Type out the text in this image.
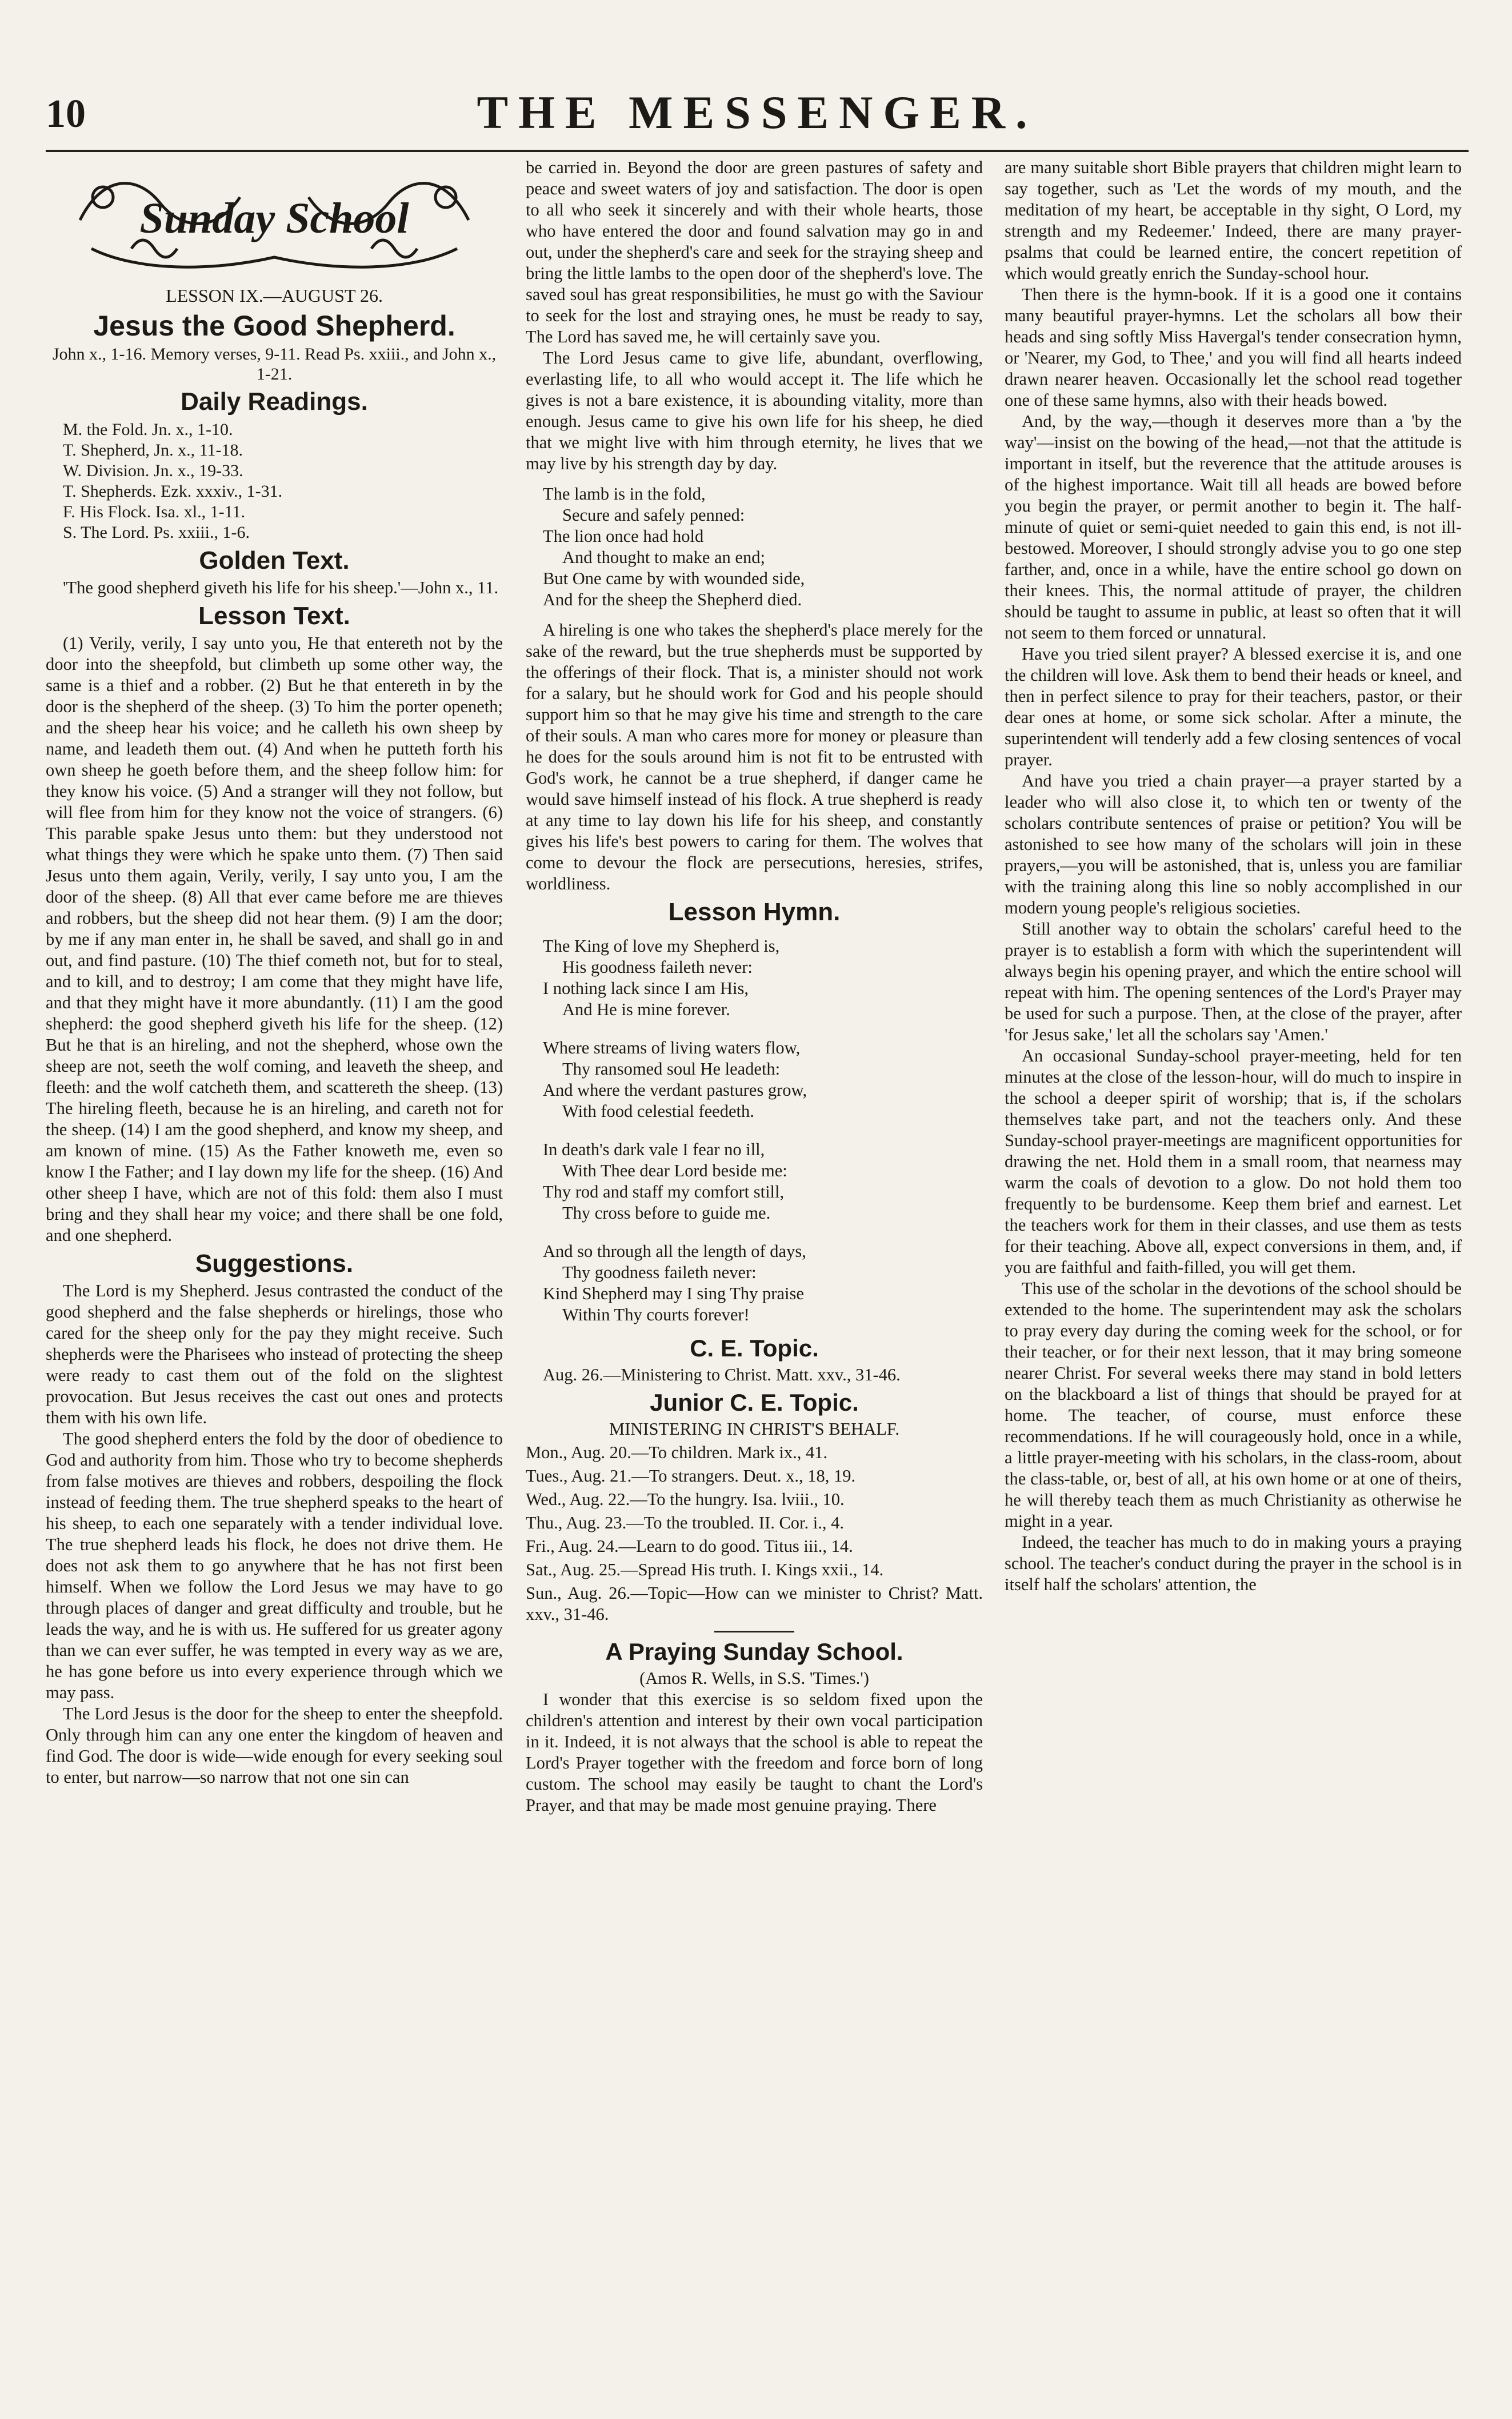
10	THE MESSENGER.
Sunday School
LESSON IX.—AUGUST 26.
Jesus the Good Shepherd.
John x., 1-16. Memory verses, 9-11. Read Ps. xxiii., and John x., 1-21.
Daily Readings.
M. the Fold. Jn. x., 1-10.
T. Shepherd, Jn. x., 11-18.
W. Division. Jn. x., 19-33.
T. Shepherds. Ezk. xxxiv., 1-31.
F. His Flock. Isa. xl., 1-11.
S. The Lord. Ps. xxiii., 1-6.
Golden Text.

'The good shepherd giveth his life for his sheep.'—John x., 11.

Lesson Text.

(1) Verily, verily, I say unto you, He that entereth not by the door into the sheepfold, but climbeth up some other way, the same is a thief and a robber. (2) But he that entereth in by the door is the shepherd of the sheep. (3) To him the porter openeth; and the sheep hear his voice; and he calleth his own sheep by name, and leadeth them out. (4) And when he putteth forth his own sheep he goeth before them, and the sheep follow him: for they know his voice. (5) And a stranger will they not follow, but will flee from him for they know not the voice of strangers. (6) This parable spake Jesus unto them: but they understood not what things they were which he spake unto them. (7) Then said Jesus unto them again, Verily, verily, I say unto you, I am the door of the sheep. (8) All that ever came before me are thieves and robbers, but the sheep did not hear them. (9) I am the door; by me if any man enter in, he shall be saved, and shall go in and out, and find pasture. (10) The thief cometh not, but for to steal, and to kill, and to destroy; I am come that they might have life, and that they might have it more abundantly. (11) I am the good shepherd: the good shepherd giveth his life for the sheep. (12) But he that is an hireling, and not the shepherd, whose own the sheep are not, seeth the wolf coming, and leaveth the sheep, and fleeth: and the wolf catcheth them, and scattereth the sheep. (13) The hireling fleeth, because he is an hireling, and careth not for the sheep. (14) I am the good shepherd, and know my sheep, and am known of mine. (15) As the Father knoweth me, even so know I the Father; and I lay down my life for the sheep. (16) And other sheep I have, which are not of this fold: them also I must bring and they shall hear my voice; and there shall be one fold, and one shepherd.

Suggestions.

The Lord is my Shepherd. Jesus contrasted the conduct of the good shepherd and the false shepherds or hirelings, those who cared for the sheep only for the pay they might receive. Such shepherds were the Pharisees who instead of protecting the sheep were ready to cast them out of the fold on the slightest provocation. But Jesus receives the cast out ones and protects them with his own life.

The good shepherd enters the fold by the door of obedience to God and authority from him. Those who try to become shepherds from false motives are thieves and robbers, despoiling the flock instead of feeding them. The true shepherd speaks to the heart of his sheep, to each one separately with a tender individual love. The true shepherd leads his flock, he does not drive them. He does not ask them to go anywhere that he has not first been himself. When we follow the Lord Jesus we may have to go through places of danger and great difficulty and trouble, but he leads the way, and he is with us. He suffered for us greater agony than we can ever suffer, he was tempted in every way as we are, he has gone before us into every experience through which we may pass.

The Lord Jesus is the door for the sheep to enter the sheepfold. Only through him can any one enter the kingdom of heaven and find God. The door is wide—wide enough for every seeking soul to enter, but narrow—so narrow that not one sin can

be carried in. Beyond the door are green pastures of safety and peace and sweet waters of joy and satisfaction. The door is open to all who seek it sincerely and with their whole hearts, those who have entered the door and found salvation may go in and out, under the shepherd's care and seek for the straying sheep and bring the little lambs to the open door of the shepherd's love. The saved soul has great responsibilities, he must go with the Saviour to seek for the lost and straying ones, he must be ready to say, The Lord has saved me, he will certainly save you.

The Lord Jesus came to give life, abundant, overflowing, everlasting life, to all who would accept it. The life which he gives is not a bare existence, it is abounding vitality, more than enough. Jesus came to give his own life for his sheep, he died that we might live with him through eternity, he lives that we may live by his strength day by day.

The lamb is in the fold,
Secure and safely penned:
The lion once had hold
And thought to make an end;
But One came by with wounded side,
And for the sheep the Shepherd died.

A hireling is one who takes the shepherd's place merely for the sake of the reward, but the true shepherds must be supported by the offerings of their flock. That is, a minister should not work for a salary, but he should work for God and his people should support him so that he may give his time and strength to the care of their souls. A man who cares more for money or pleasure than he does for the souls around him is not fit to be entrusted with God's work, he cannot be a true shepherd, if danger came he would save himself instead of his flock. A true shepherd is ready at any time to lay down his life for his sheep, and constantly gives his life's best powers to caring for them. The wolves that come to devour the flock are persecutions, heresies, strifes, worldliness.

Lesson Hymn.
The King of love my Shepherd is,
His goodness faileth never:
I nothing lack since I am His,
And He is mine forever.
Where streams of living waters flow,
Thy ransomed soul He leadeth:
And where the verdant pastures grow,
With food celestial feedeth.
In death's dark vale I fear no ill,
With Thee dear Lord beside me:
Thy rod and staff my comfort still,
Thy cross before to guide me.
And so through all the length of days,
Thy goodness faileth never:
Kind Shepherd may I sing Thy praise
Within Thy courts forever!
C. E. Topic.

Aug. 26.—Ministering to Christ. Matt. xxv., 31-46.

Junior C. E. Topic.
MINISTERING IN CHRIST'S BEHALF.
Mon., Aug. 20.—To children. Mark ix., 41.
Tues., Aug. 21.—To strangers. Deut. x., 18, 19.
Wed., Aug. 22.—To the hungry. Isa. lviii., 10.
Thu., Aug. 23.—To the troubled. II. Cor. i., 4.
Fri., Aug. 24.—Learn to do good. Titus iii., 14.
Sat., Aug. 25.—Spread His truth. I. Kings xxii., 14.
Sun., Aug. 26.—Topic—How can we minister to Christ? Matt. xxv., 31-46.
A Praying Sunday School.
(Amos R. Wells, in S.S. 'Times.')

I wonder that this exercise is so seldom fixed upon the children's attention and interest by their own vocal participation in it. Indeed, it is not always that the school is able to repeat the Lord's Prayer together with the freedom and force born of long custom. The school may easily be taught to chant the Lord's Prayer, and that may be made most genuine praying. There

are many suitable short Bible prayers that children might learn to say together, such as 'Let the words of my mouth, and the meditation of my heart, be acceptable in thy sight, O Lord, my strength and my Redeemer.' Indeed, there are many prayer-psalms that could be learned entire, the concert repetition of which would greatly enrich the Sunday-school hour.

Then there is the hymn-book. If it is a good one it contains many beautiful prayer-hymns. Let the scholars all bow their heads and sing softly Miss Havergal's tender consecration hymn, or 'Nearer, my God, to Thee,' and you will find all hearts indeed drawn nearer heaven. Occasionally let the school read together one of these same hymns, also with their heads bowed.

And, by the way,—though it deserves more than a 'by the way'—insist on the bowing of the head,—not that the attitude is important in itself, but the reverence that the attitude arouses is of the highest importance. Wait till all heads are bowed before you begin the prayer, or permit another to begin it. The half-minute of quiet or semi-quiet needed to gain this end, is not ill-bestowed. Moreover, I should strongly advise you to go one step farther, and, once in a while, have the entire school go down on their knees. This, the normal attitude of prayer, the children should be taught to assume in public, at least so often that it will not seem to them forced or unnatural.

Have you tried silent prayer? A blessed exercise it is, and one the children will love. Ask them to bend their heads or kneel, and then in perfect silence to pray for their teachers, pastor, or their dear ones at home, or some sick scholar. After a minute, the superintendent will tenderly add a few closing sentences of vocal prayer.

And have you tried a chain prayer—a prayer started by a leader who will also close it, to which ten or twenty of the scholars contribute sentences of praise or petition? You will be astonished to see how many of the scholars will join in these prayers,—you will be astonished, that is, unless you are familiar with the training along this line so nobly accomplished in our modern young people's religious societies.

Still another way to obtain the scholars' careful heed to the prayer is to establish a form with which the superintendent will always begin his opening prayer, and which the entire school will repeat with him. The opening sentences of the Lord's Prayer may be used for such a purpose. Then, at the close of the prayer, after 'for Jesus sake,' let all the scholars say 'Amen.'

An occasional Sunday-school prayer-meeting, held for ten minutes at the close of the lesson-hour, will do much to inspire in the school a deeper spirit of worship; that is, if the scholars themselves take part, and not the teachers only. And these Sunday-school prayer-meetings are magnificent opportunities for drawing the net. Hold them in a small room, that nearness may warm the coals of devotion to a glow. Do not hold them too frequently to be burdensome. Keep them brief and earnest. Let the teachers work for them in their classes, and use them as tests for their teaching. Above all, expect conversions in them, and, if you are faithful and faith-filled, you will get them.

This use of the scholar in the devotions of the school should be extended to the home. The superintendent may ask the scholars to pray every day during the coming week for the school, or for their teacher, or for their next lesson, that it may bring someone nearer Christ. For several weeks there may stand in bold letters on the blackboard a list of things that should be prayed for at home. The teacher, of course, must enforce these recommendations. If he will courageously hold, once in a while, a little prayer-meeting with his scholars, in the class-room, about the class-table, or, best of all, at his own home or at one of theirs, he will thereby teach them as much Christianity as otherwise he might in a year.

Indeed, the teacher has much to do in making yours a praying school. The teacher's conduct during the prayer in the school is in itself half the scholars' attention, the
